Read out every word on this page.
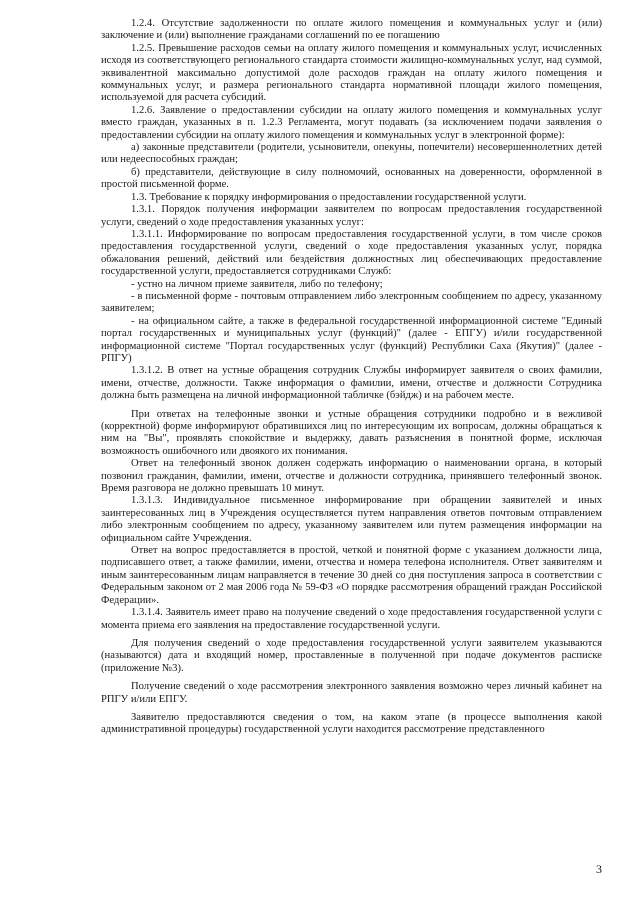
1.2.4. Отсутствие задолженности по оплате жилого помещения и коммунальных услуг и (или) заключение и (или) выполнение гражданами соглашений по ее погашению

1.2.5. Превышение расходов семьи на оплату жилого помещения и коммунальных услуг, исчисленных исходя из соответствующего регионального стандарта стоимости жилищно-коммунальных услуг, над суммой, эквивалентной максимально допустимой доле расходов граждан на оплату жилого помещения и коммунальных услуг, и размера регионального стандарта нормативной площади жилого помещения, используемой для расчета субсидий.

1.2.6. Заявление о предоставлении субсидии на оплату жилого помещения и коммунальных услуг вместо граждан, указанных в п. 1.2.3 Регламента, могут подавать (за исключением подачи заявления о предоставлении субсидии на оплату жилого помещения и коммунальных услуг в электронной форме):

а) законные представители (родители, усыновители, опекуны, попечители) несовершеннолетних детей или недееспособных граждан;

б) представители, действующие в силу полномочий, основанных на доверенности, оформленной в простой письменной форме.

1.3. Требование к порядку информирования о предоставлении государственной услуги.

1.3.1. Порядок получения информации заявителем по вопросам предоставления государственной услуги, сведений о ходе предоставления указанных услуг:

1.3.1.1. Информирование по вопросам предоставления государственной услуги, в том числе сроков предоставления государственной услуги, сведений о ходе предоставления указанных услуг, порядка обжалования решений, действий или бездействия должностных лиц обеспечивающих предоставление государственной услуги, предоставляется сотрудниками Служб:

- устно на личном приеме заявителя, либо по телефону;

- в письменной форме - почтовым отправлением либо электронным сообщением по адресу, указанному заявителем;

- на официальном сайте, а также в федеральной государственной информационной системе "Единый портал государственных и муниципальных услуг (функций)" (далее - ЕПГУ) и/или государственной информационной системе "Портал государственных услуг (функций) Республики Саха (Якутия)" (далее - РПГУ)

1.3.1.2. В ответ на устные обращения сотрудник Службы информирует заявителя о своих фамилии, имени, отчестве, должности. Также информация о фамилии, имени, отчестве и должности Сотрудника должна быть размещена на личной информационной табличке (бэйдж) и на рабочем месте.

При ответах на телефонные звонки и устные обращения сотрудники подробно и в вежливой (корректной) форме информируют обратившихся лиц по интересующим их вопросам, должны обращаться к ним на "Вы", проявлять спокойствие и выдержку, давать разъяснения в понятной форме, исключая возможность ошибочного или двоякого их понимания.

Ответ на телефонный звонок должен содержать информацию о наименовании органа, в который позвонил гражданин, фамилии, имени, отчестве и должности сотрудника, принявшего телефонный звонок. Время разговора не должно превышать 10 минут.

1.3.1.3. Индивидуальное письменное информирование при обращении заявителей и иных заинтересованных лиц в Учреждения осуществляется путем направления ответов почтовым отправлением либо электронным сообщением по адресу, указанному заявителем или путем размещения информации на официальном сайте Учреждения.

Ответ на вопрос предоставляется в простой, четкой и понятной форме с указанием должности лица, подписавшего ответ, а также фамилии, имени, отчества и номера телефона исполнителя. Ответ заявителям и иным заинтересованным лицам направляется в течение 30 дней со дня поступления запроса в соответствии с Федеральным законом от 2 мая 2006 года № 59-ФЗ «О порядке рассмотрения обращений граждан Российской Федерации».

1.3.1.4. Заявитель имеет право на получение сведений о ходе предоставления государственной услуги с момента приема его заявления на предоставление государственной услуги.

Для получения сведений о ходе предоставления государственной услуги заявителем указываются (называются) дата и входящий номер, проставленные в полученной при подаче документов расписке (приложение №3).

Получение сведений о ходе рассмотрения электронного заявления возможно через личный кабинет на РПГУ и/или ЕПГУ.

Заявителю предоставляются сведения о том, на каком этапе (в процессе выполнения какой административной процедуры) государственной услуги находится рассмотрение представленного

3
